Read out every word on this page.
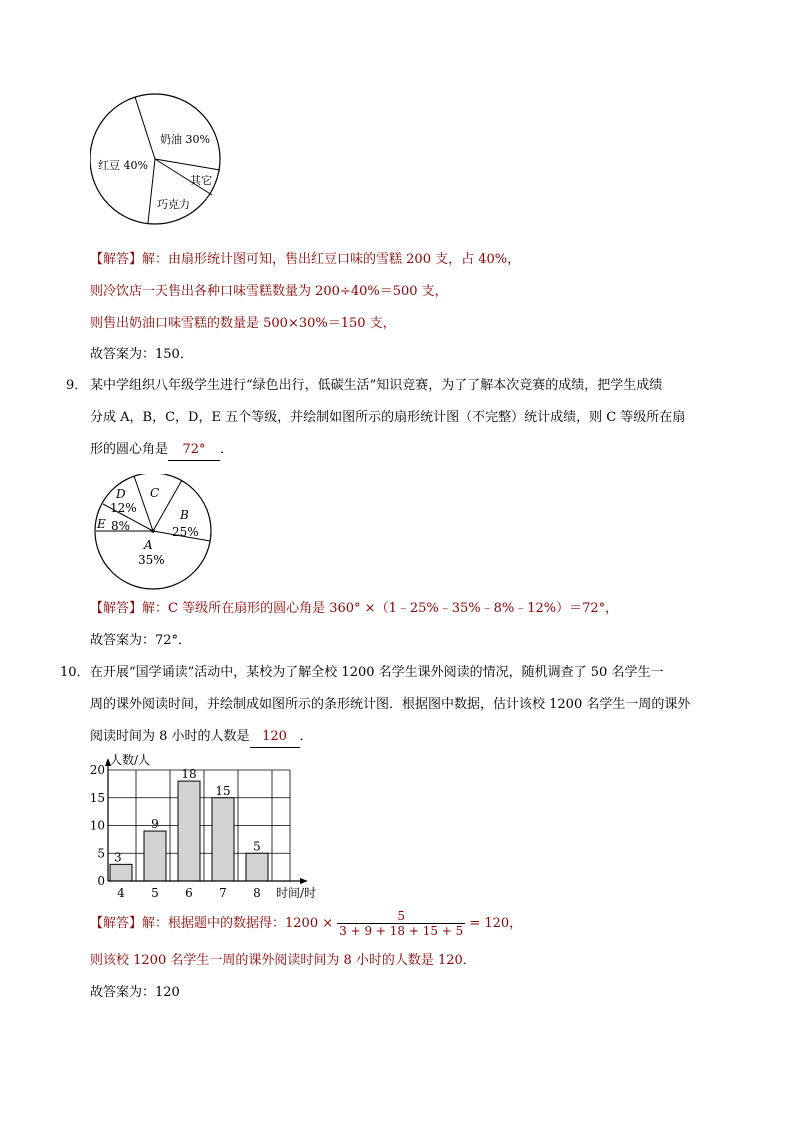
奶油 30%
红豆 40%
其它
巧克力
【解答】解：由扇形统计图可知，售出红豆口味的雪糕 200 支，占 40%，
则冷饮店一天售出各种口味雪糕数量为 200÷40%＝500 支，
则售出奶油口味雪糕的数量是 500×30%＝150 支，
故答案为：150．
9． 某中学组织八年级学生进行“绿色出行，低碳生活”知识竞赛，为了了解本次竞赛的成绩，把学生成绩
分成 A，B，C，D，E 五个等级，并绘制如图所示的扇形统计图（不完整）统计成绩，则 C 等级所在扇
形的圆心角是 72° ．
D
12%
C
E 8%
B
25%
A
35%
【解答】解：C 等级所在扇形的圆心角是 360° ×（1﹣25%﹣35%﹣8%﹣12%）＝72°，
故答案为：72°．
10． 在开展“国学诵读”活动中，某校为了解全校 1200 名学生课外阅读的情况，随机调查了 50 名学生一
周的课外阅读时间，并绘制成如图所示的条形统计图．根据图中数据，估计该校 1200 名学生一周的课外
阅读时间为 8 小时的人数是 120 ．
0
5
10
15
20
3
9
18
15
5
4 5 6 7 8
人数/人
时间/时
【解答】解：根据题中的数据得：$1200 \times \frac{5}{3 + 9 + 18 + 15 + 5} = 120$，
则该校 1200 名学生一周的课外阅读时间为 8 小时的人数是 120．
故答案为：120
